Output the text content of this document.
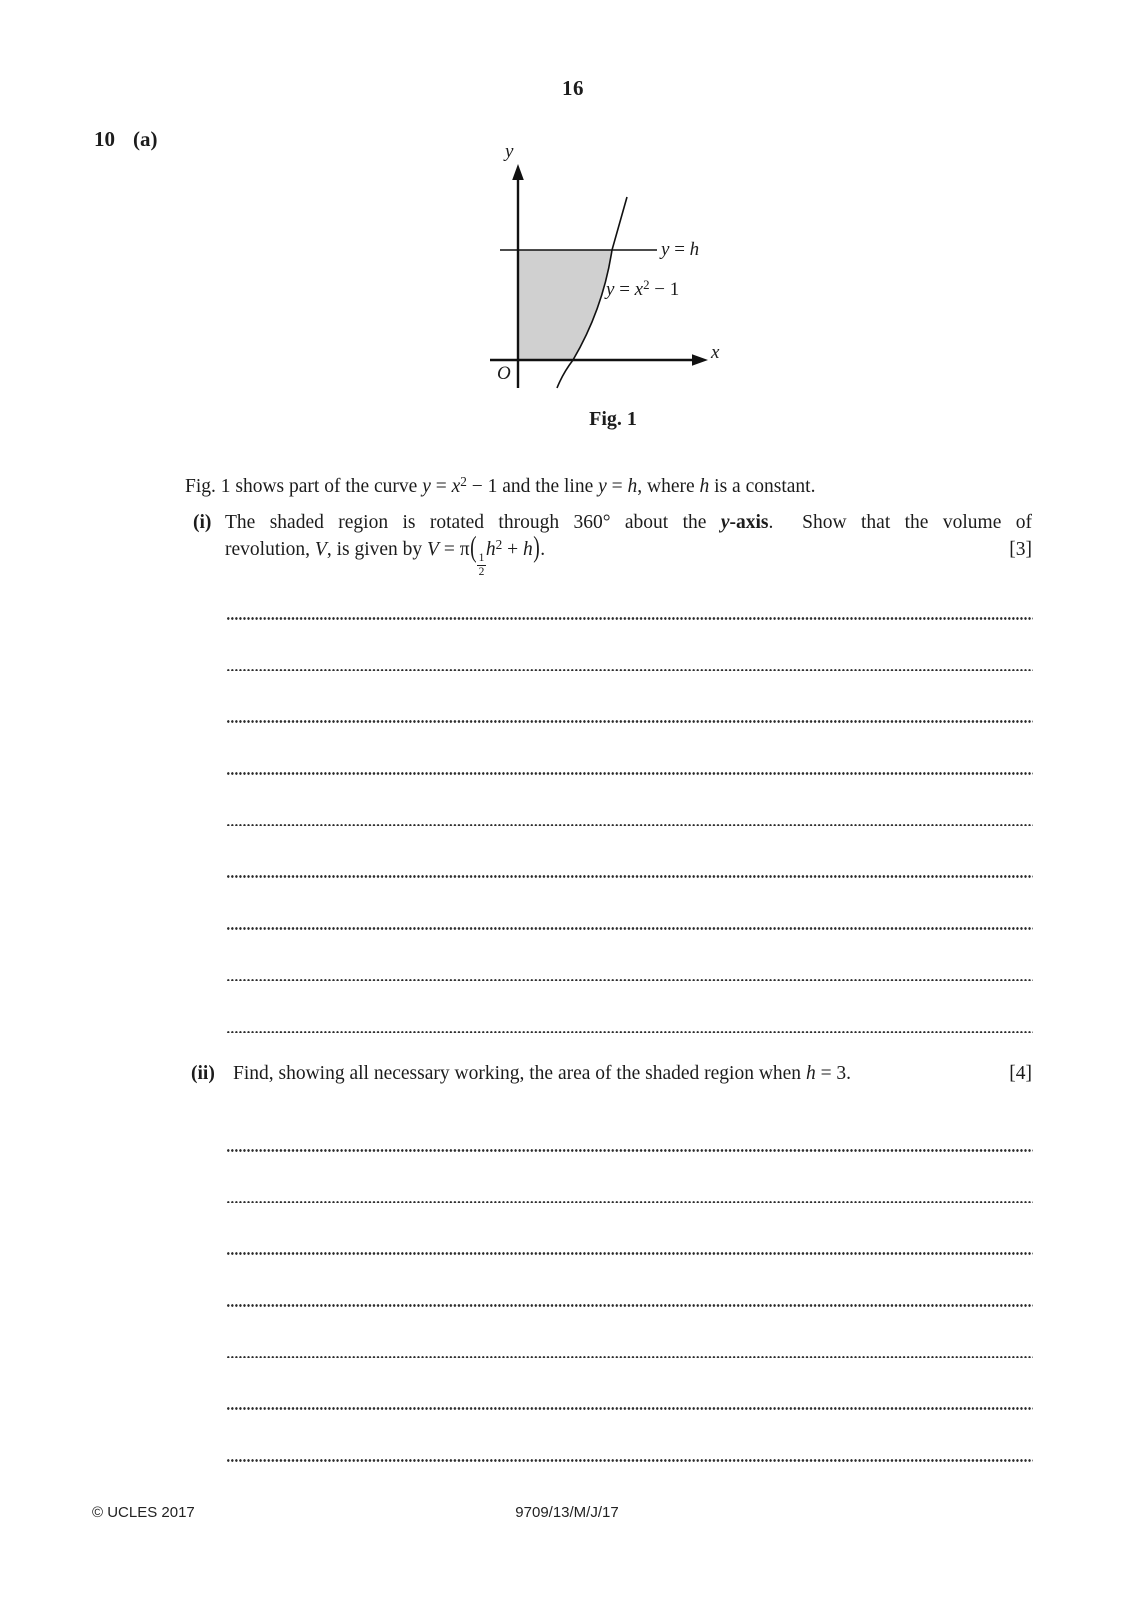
16
10 (a)
y
x
O
y = h
$y = x^2 - 1$
Fig. 1
Fig. 1 shows part of the curve $y = x^2 - 1$ and the line y = h, where h is a constant.
(i) The shaded region is rotated through 360° about the y-axis.  Show that the volume of
revolution, V, is given by V = π(
$\frac{1}{2}$
$h^2 + h$).	[3]
(ii) Find, showing all necessary working, the area of the shaded region when h = 3.	[4]
© UCLES 2017	9709/13/M/J/17
